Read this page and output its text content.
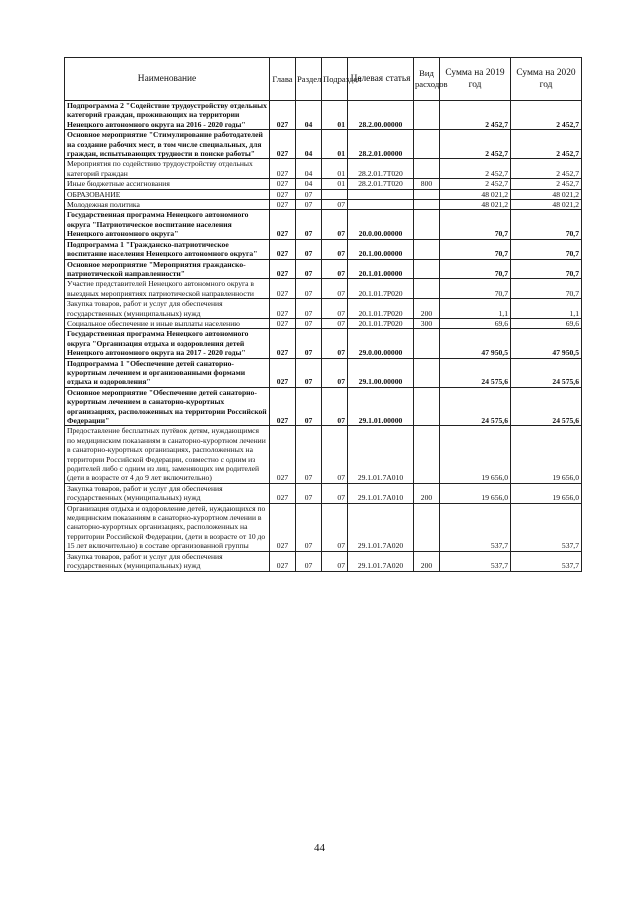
Наименование	Глава	Раздел	Подраздел	Целевая статья	Вид расходов	Сумма на 2019 год	Сумма на 2020 год
Подпрограмма 2 "Содействие трудоустройству отдельных категорий граждан, проживающих на территории Ненецкого автономного округа на 2016 - 2020 годы"	027	04	01	28.2.00.00000		2 452,7	2 452,7
Основное мероприятие "Стимулирование работодателей на создание рабочих мест, в том числе специальных, для граждан, испытывающих трудности в поиске работы"	027	04	01	28.2.01.00000		2 452,7	2 452,7
Мероприятия по содействию трудоустройству отдельных категорий граждан	027	04	01	28.2.01.7Т020		2 452,7	2 452,7
Иные бюджетные ассигнования	027	04	01	28.2.01.7Т020	800	2 452,7	2 452,7
ОБРАЗОВАНИЕ	027	07				48 021,2	48 021,2
Молодежная политика	027	07	07			48 021,2	48 021,2
Государственная программа Ненецкого автономного округа "Патриотическое воспитание населения Ненецкого автономного округа"	027	07	07	20.0.00.00000		70,7	70,7
Подпрограмма 1 "Гражданско-патриотическое воспитание населения Ненецкого автономного округа"	027	07	07	20.1.00.00000		70,7	70,7
Основное мероприятие "Мероприятия гражданско-патриотической направленности"	027	07	07	20.1.01.00000		70,7	70,7
Участие представителей Ненецкого автономного округа в выездных мероприятиях патриотической направленности	027	07	07	20.1.01.7Р020		70,7	70,7
Закупка товаров, работ и услуг для обеспечения государственных (муниципальных) нужд	027	07	07	20.1.01.7Р020	200	1,1	1,1
Социальное обеспечение и иные выплаты населению	027	07	07	20.1.01.7Р020	300	69,6	69,6
Государственная программа Ненецкого автономного округа "Организация отдыха и оздоровления детей Ненецкого автономного округа на 2017 - 2020 годы"	027	07	07	29.0.00.00000		47 950,5	47 950,5
Подпрограмма 1 "Обеспечение детей санаторно-курортным лечением и организованными формами отдыха и оздоровления"	027	07	07	29.1.00.00000		24 575,6	24 575,6
Основное мероприятие "Обеспечение детей санаторно-курортным лечением в санаторно-курортных организациях, расположенных на территории Российской Федерации"	027	07	07	29.1.01.00000		24 575,6	24 575,6
Предоставление бесплатных путёвок детям, нуждающимся по медицинским показаниям в санаторно-курортном лечении в санаторно-курортных организациях, расположенных на территории Российской Федерации, совместно с одним из родителей либо с одним из лиц, заменяющих им родителей (дети в возрасте от 4 до 9 лет включительно)	027	07	07	29.1.01.7А010		19 656,0	19 656,0
Закупка товаров, работ и услуг для обеспечения государственных (муниципальных) нужд	027	07	07	29.1.01.7А010	200	19 656,0	19 656,0
Организация отдыха и оздоровление детей, нуждающихся по медицинским показаниям в санаторно-курортном лечении в санаторно-курортных организациях, расположенных на территории Российской Федерации, (дети в возрасте от 10 до 15 лет включительно) в составе организованной группы	027	07	07	29.1.01.7А020		537,7	537,7
Закупка товаров, работ и услуг для обеспечения государственных (муниципальных) нужд	027	07	07	29.1.01.7А020	200	537,7	537,7
44
